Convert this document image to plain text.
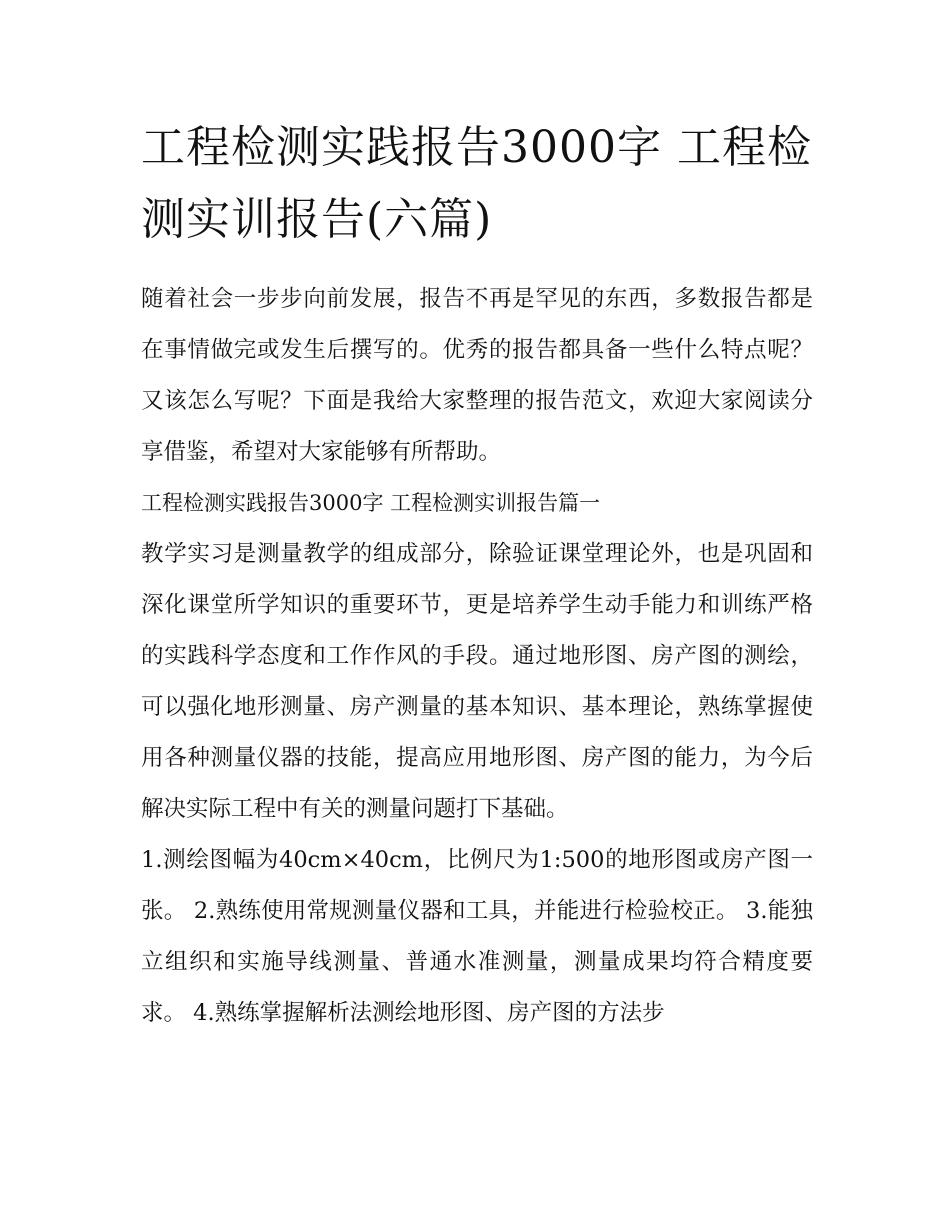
工程检测实践报告3000字 工程检测实训报告(六篇)

随着社会一步步向前发展，报告不再是罕见的东西，多数报告都是在事情做完或发生后撰写的。优秀的报告都具备一些什么特点呢？又该怎么写呢？下面是我给大家整理的报告范文，欢迎大家阅读分享借鉴，希望对大家能够有所帮助。

工程检测实践报告3000字 工程检测实训报告篇一

教学实习是测量教学的组成部分，除验证课堂理论外，也是巩固和深化课堂所学知识的重要环节，更是培养学生动手能力和训练严格的实践科学态度和工作作风的手段。通过地形图、房产图的测绘，可以强化地形测量、房产测量的基本知识、基本理论，熟练掌握使用各种测量仪器的技能，提高应用地形图、房产图的能力，为今后解决实际工程中有关的测量问题打下基础。

1.测绘图幅为40cm×40cm，比例尺为1:500的地形图或房产图一张。 2.熟练使用常规测量仪器和工具，并能进行检验校正。 3.能独立组织和实施导线测量、普通水准测量，测量成果均符合精度要求。 4.熟练掌握解析法测绘地形图、房产图的方法步
